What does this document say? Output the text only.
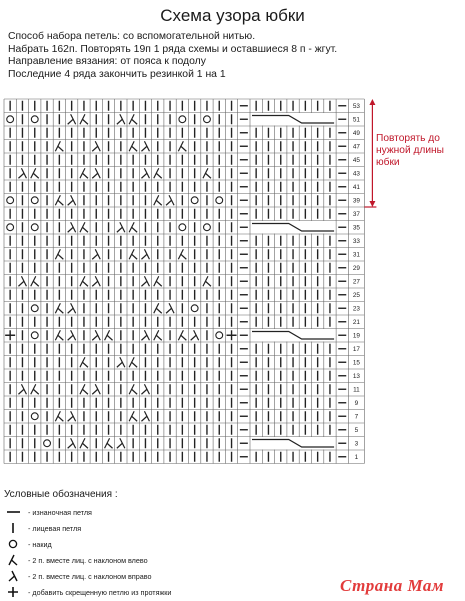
Схема узора юбки
Способ набора петель: со вспомогательной нитью.
Набрать 162п. Повторять 19п 1 ряда схемы и оставшиеся 8 п - жгут.
Направление вязания: от пояса к подолу
Последние 4 ряда закончить резинкой 1 на 1
53
51
49
47
45
43
41
39
37
35
33
31
29
27
25
23
21
19
17
15
13
11
9
7
5
3
1
Повторять до нужной длины юбки
Условные обозначения :
- изнаночная петля
- лицевая петля
- накид
- 2 п. вместе лиц. с наклоном влево
- 2 п. вместе лиц. с наклоном вправо
- добавить скрещенную петлю из протяжки	Страна Мам
